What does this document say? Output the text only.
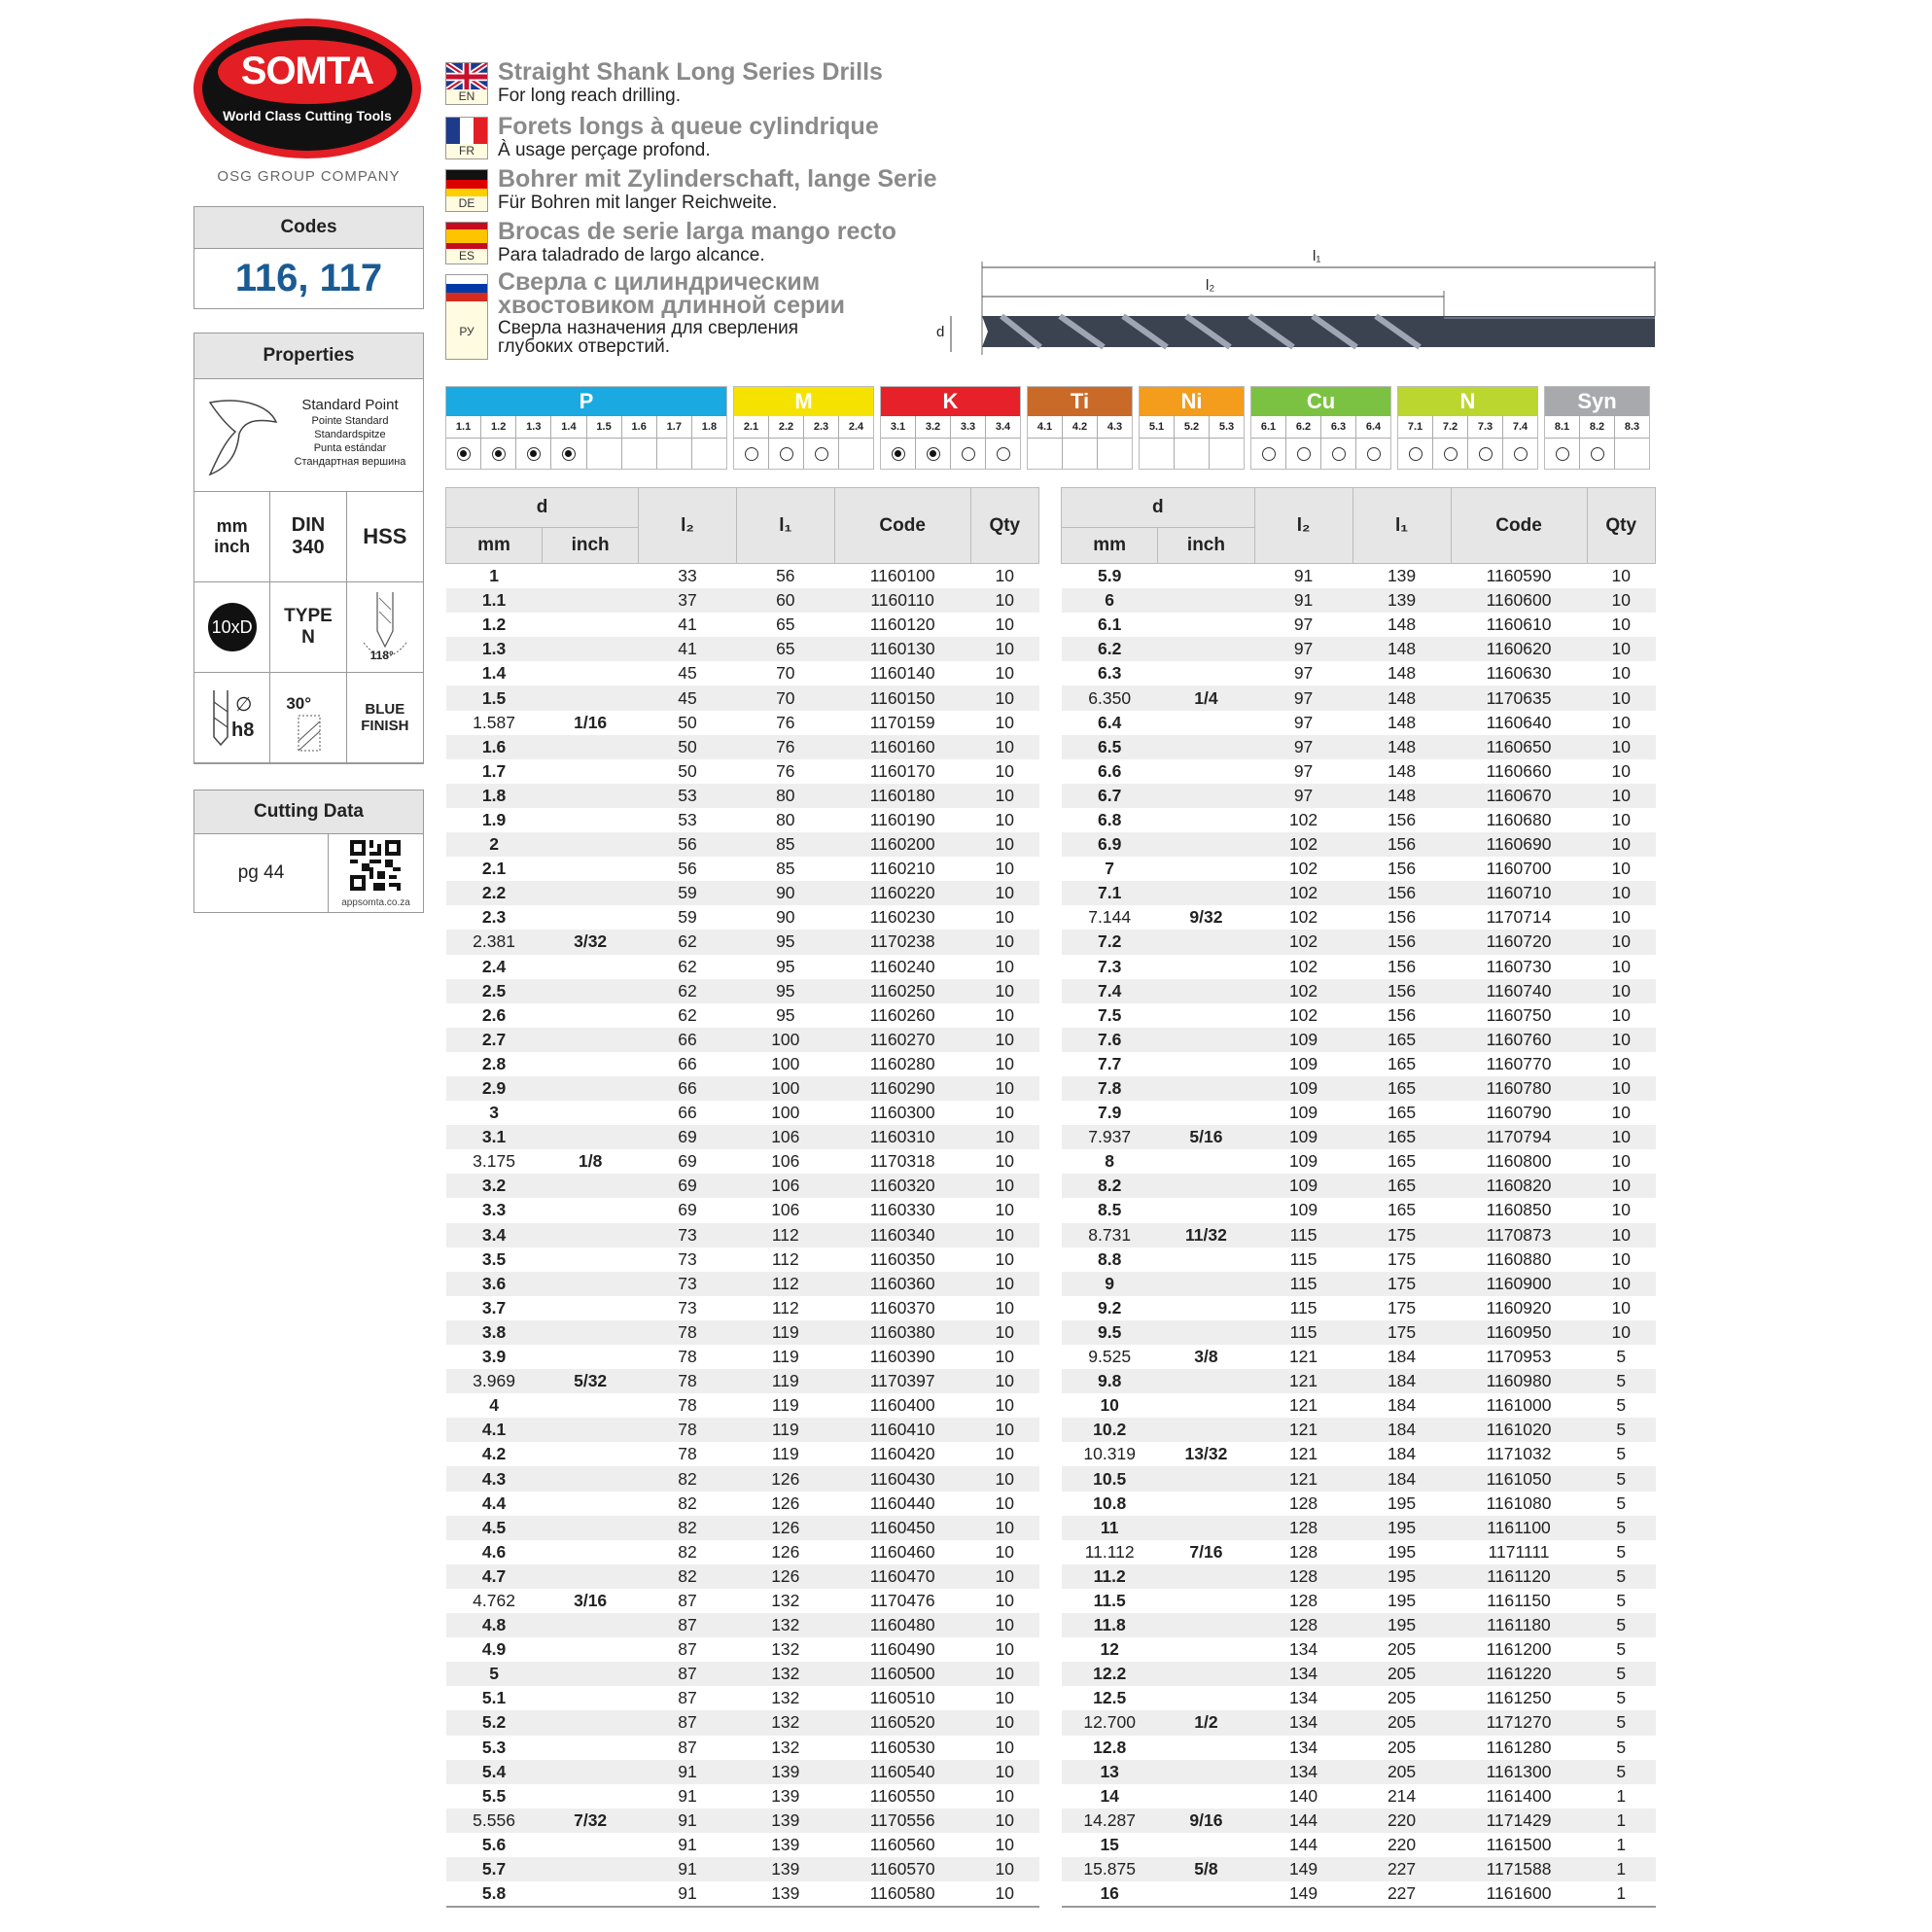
SOMTA
World Class Cutting Tools
OSG GROUP COMPANY
Codes
116, 117
Properties
Standard Point
Pointe Standard
Standardspitze
Punta estándar
Стандартная вершина
mm
inch
DIN
340	HSS
10xD
TYPE
N
118°
∅
h8
30°	BLUE
FINISH
Cutting Data
pg 44
appsomta.co.za
EN
Straight Shank Long Series Drills
For long reach drilling.
FR
Forets longs à queue cylindrique
À usage perçage profond.
DE
Bohrer mit Zylinderschaft, lange Serie
Für Bohren mit langer Reichweite.
ES
Brocas de serie larga mango recto
Para taladrado de largo alcance.
РУ
Сверла с цилиндрическим хвостовиком длинной серии
Сверла назначения для сверления глубоких отверстий.
l₁
l₂
d
P
1.1	1.2	1.3	1.4	1.5	1.6	1.7	1.8
M
2.1	2.2	2.3	2.4
K
3.1	3.2	3.3	3.4
Ti
4.1	4.2	4.3
Ni
5.1	5.2	5.3
Cu
6.1	6.2	6.3	6.4
N
7.1	7.2	7.3	7.4
Syn
8.1	8.2	8.3
d		l₂	l₁	Code	Qty
mm	inch				
1		33	56	1160100	10
1.1		37	60	1160110	10
1.2		41	65	1160120	10
1.3		41	65	1160130	10
1.4		45	70	1160140	10
1.5		45	70	1160150	10
1.587	1/16	50	76	1170159	10
1.6		50	76	1160160	10
1.7		50	76	1160170	10
1.8		53	80	1160180	10
1.9		53	80	1160190	10
2		56	85	1160200	10
2.1		56	85	1160210	10
2.2		59	90	1160220	10
2.3		59	90	1160230	10
2.381	3/32	62	95	1170238	10
2.4		62	95	1160240	10
2.5		62	95	1160250	10
2.6		62	95	1160260	10
2.7		66	100	1160270	10
2.8		66	100	1160280	10
2.9		66	100	1160290	10
3		66	100	1160300	10
3.1		69	106	1160310	10
3.175	1/8	69	106	1170318	10
3.2		69	106	1160320	10
3.3		69	106	1160330	10
3.4		73	112	1160340	10
3.5		73	112	1160350	10
3.6		73	112	1160360	10
3.7		73	112	1160370	10
3.8		78	119	1160380	10
3.9		78	119	1160390	10
3.969	5/32	78	119	1170397	10
4		78	119	1160400	10
4.1		78	119	1160410	10
4.2		78	119	1160420	10
4.3		82	126	1160430	10
4.4		82	126	1160440	10
4.5		82	126	1160450	10
4.6		82	126	1160460	10
4.7		82	126	1160470	10
4.762	3/16	87	132	1170476	10
4.8		87	132	1160480	10
4.9		87	132	1160490	10
5		87	132	1160500	10
5.1		87	132	1160510	10
5.2		87	132	1160520	10
5.3		87	132	1160530	10
5.4		91	139	1160540	10
5.5		91	139	1160550	10
5.556	7/32	91	139	1170556	10
5.6		91	139	1160560	10
5.7		91	139	1160570	10
5.8		91	139	1160580	10
d		l₂	l₁	Code	Qty
mm	inch				
5.9		91	139	1160590	10
6		91	139	1160600	10
6.1		97	148	1160610	10
6.2		97	148	1160620	10
6.3		97	148	1160630	10
6.350	1/4	97	148	1170635	10
6.4		97	148	1160640	10
6.5		97	148	1160650	10
6.6		97	148	1160660	10
6.7		97	148	1160670	10
6.8		102	156	1160680	10
6.9		102	156	1160690	10
7		102	156	1160700	10
7.1		102	156	1160710	10
7.144	9/32	102	156	1170714	10
7.2		102	156	1160720	10
7.3		102	156	1160730	10
7.4		102	156	1160740	10
7.5		102	156	1160750	10
7.6		109	165	1160760	10
7.7		109	165	1160770	10
7.8		109	165	1160780	10
7.9		109	165	1160790	10
7.937	5/16	109	165	1170794	10
8		109	165	1160800	10
8.2		109	165	1160820	10
8.5		109	165	1160850	10
8.731	11/32	115	175	1170873	10
8.8		115	175	1160880	10
9		115	175	1160900	10
9.2		115	175	1160920	10
9.5		115	175	1160950	10
9.525	3/8	121	184	1170953	5
9.8		121	184	1160980	5
10		121	184	1161000	5
10.2		121	184	1161020	5
10.319	13/32	121	184	1171032	5
10.5		121	184	1161050	5
10.8		128	195	1161080	5
11		128	195	1161100	5
11.112	7/16	128	195	1171111	5
11.2		128	195	1161120	5
11.5		128	195	1161150	5
11.8		128	195	1161180	5
12		134	205	1161200	5
12.2		134	205	1161220	5
12.5		134	205	1161250	5
12.700	1/2	134	205	1171270	5
12.8		134	205	1161280	5
13		134	205	1161300	5
14		140	214	1161400	1
14.287	9/16	144	220	1171429	1
15		144	220	1161500	1
15.875	5/8	149	227	1171588	1
16		149	227	1161600	1
